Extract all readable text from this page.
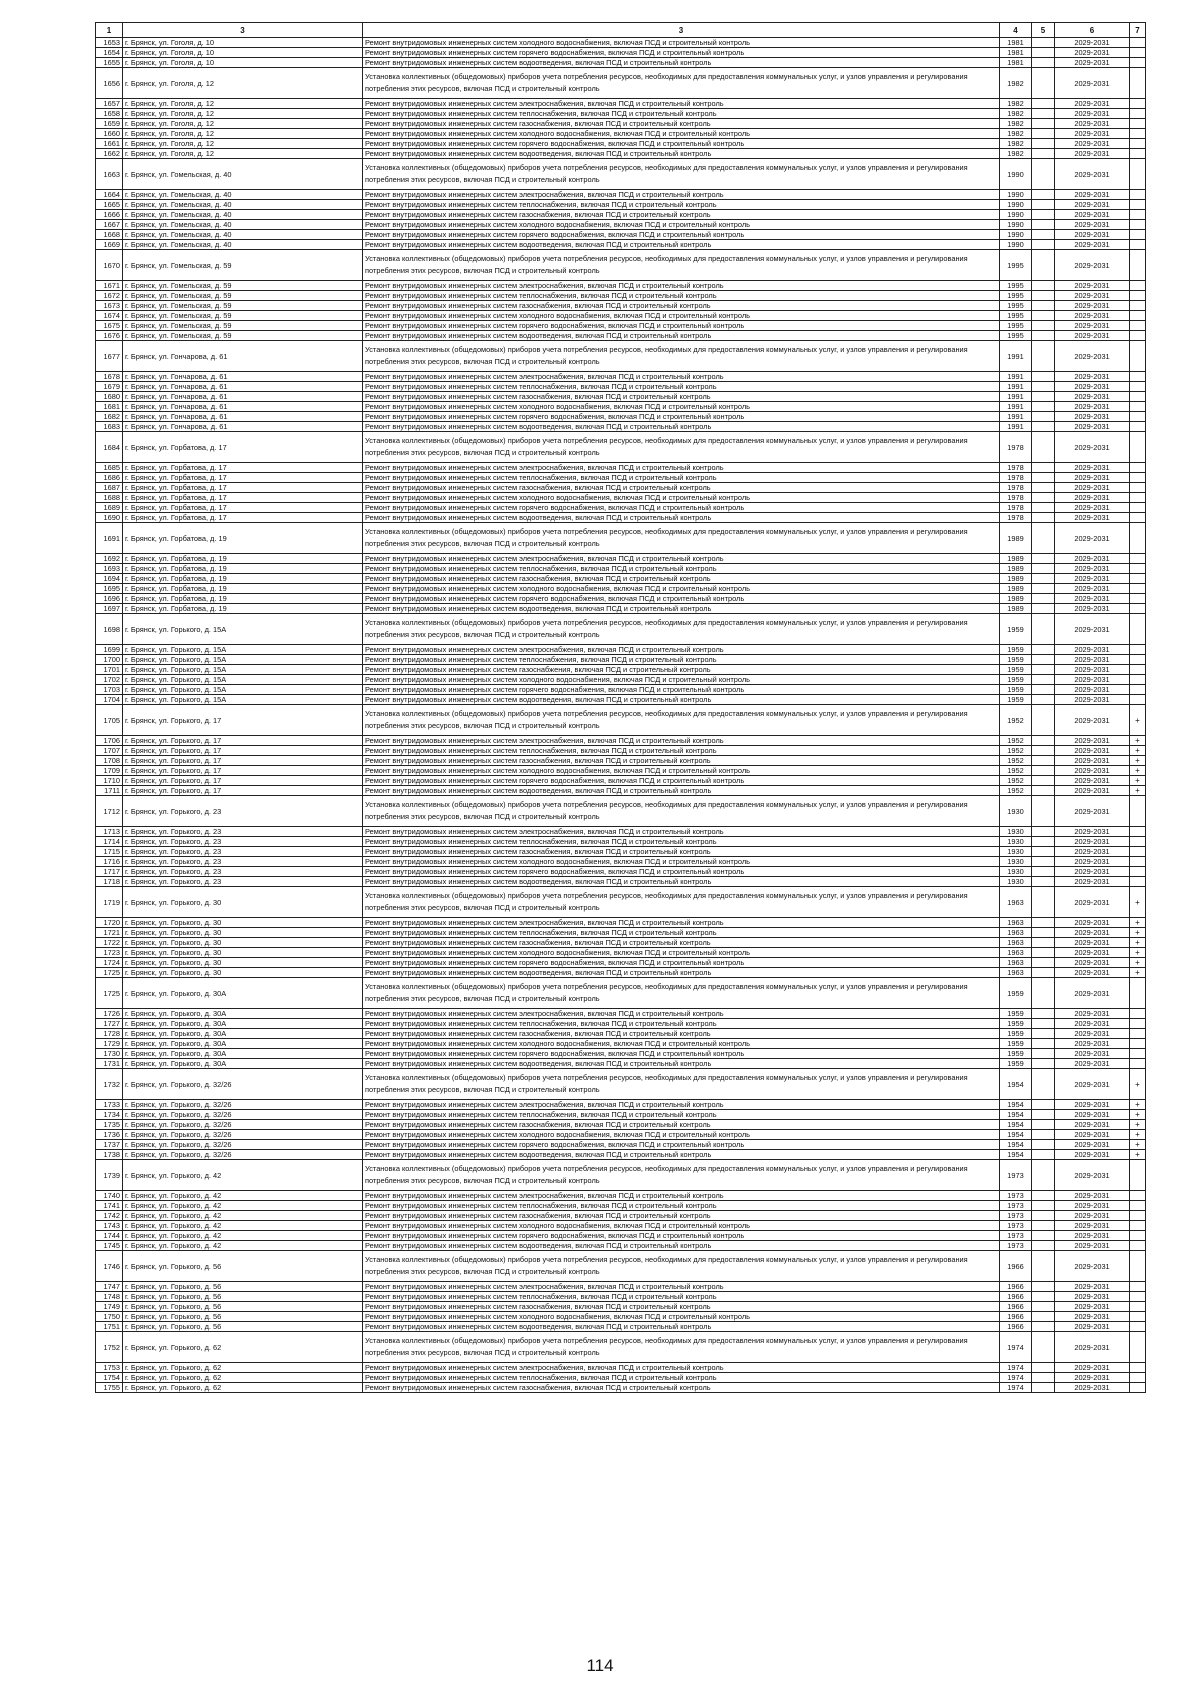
1	3	3	4	5	6	7
1653	г. Брянск, ул. Гоголя, д. 10	Ремонт внутридомовых инженерных систем холодного водоснабжения, включая ПСД и строительный контроль	1981		2029-2031	
1654	г. Брянск, ул. Гоголя, д. 10	Ремонт внутридомовых инженерных систем горячего водоснабжения, включая ПСД и строительный контроль	1981		2029-2031	
1655	г. Брянск, ул. Гоголя, д. 10	Ремонт внутридомовых инженерных систем водоотведения, включая ПСД и строительный контроль	1981		2029-2031	
1656	г. Брянск, ул. Гоголя, д. 12	Установка коллективных (общедомовых) приборов учета потребления ресурсов, необходимых для предоставления коммунальных услуг, и узлов управления и регулирования потребления этих ресурсов, включая ПСД и строительный контроль	1982		2029-2031	
1657	г. Брянск, ул. Гоголя, д. 12	Ремонт внутридомовых инженерных систем электроснабжения, включая ПСД и строительный контроль	1982		2029-2031	
1658	г. Брянск, ул. Гоголя, д. 12	Ремонт внутридомовых инженерных систем теплоснабжения, включая ПСД и строительный контроль	1982		2029-2031	
1659	г. Брянск, ул. Гоголя, д. 12	Ремонт внутридомовых инженерных систем газоснабжения, включая ПСД и строительный контроль	1982		2029-2031	
1660	г. Брянск, ул. Гоголя, д. 12	Ремонт внутридомовых инженерных систем холодного водоснабжения, включая ПСД и строительный контроль	1982		2029-2031	
1661	г. Брянск, ул. Гоголя, д. 12	Ремонт внутридомовых инженерных систем горячего водоснабжения, включая ПСД и строительный контроль	1982		2029-2031	
1662	г. Брянск, ул. Гоголя, д. 12	Ремонт внутридомовых инженерных систем водоотведения, включая ПСД и строительный контроль	1982		2029-2031	
1663	г. Брянск, ул. Гомельская, д. 40	Установка коллективных (общедомовых) приборов учета потребления ресурсов, необходимых для предоставления коммунальных услуг, и узлов управления и регулирования потребления этих ресурсов, включая ПСД и строительный контроль	1990		2029-2031	
1664	г. Брянск, ул. Гомельская, д. 40	Ремонт внутридомовых инженерных систем электроснабжения, включая ПСД и строительный контроль	1990		2029-2031	
1665	г. Брянск, ул. Гомельская, д. 40	Ремонт внутридомовых инженерных систем теплоснабжения, включая ПСД и строительный контроль	1990		2029-2031	
1666	г. Брянск, ул. Гомельская, д. 40	Ремонт внутридомовых инженерных систем газоснабжения, включая ПСД и строительный контроль	1990		2029-2031	
1667	г. Брянск, ул. Гомельская, д. 40	Ремонт внутридомовых инженерных систем холодного водоснабжения, включая ПСД и строительный контроль	1990		2029-2031	
1668	г. Брянск, ул. Гомельская, д. 40	Ремонт внутридомовых инженерных систем горячего водоснабжения, включая ПСД и строительный контроль	1990		2029-2031	
1669	г. Брянск, ул. Гомельская, д. 40	Ремонт внутридомовых инженерных систем водоотведения, включая ПСД и строительный контроль	1990		2029-2031	
1670	г. Брянск, ул. Гомельская, д. 59	Установка коллективных (общедомовых) приборов учета потребления ресурсов, необходимых для предоставления коммунальных услуг, и узлов управления и регулирования потребления этих ресурсов, включая ПСД и строительный контроль	1995		2029-2031	
1671	г. Брянск, ул. Гомельская, д. 59	Ремонт внутридомовых инженерных систем электроснабжения, включая ПСД и строительный контроль	1995		2029-2031	
1672	г. Брянск, ул. Гомельская, д. 59	Ремонт внутридомовых инженерных систем теплоснабжения, включая ПСД и строительный контроль	1995		2029-2031	
1673	г. Брянск, ул. Гомельская, д. 59	Ремонт внутридомовых инженерных систем газоснабжения, включая ПСД и строительный контроль	1995		2029-2031	
1674	г. Брянск, ул. Гомельская, д. 59	Ремонт внутридомовых инженерных систем холодного водоснабжения, включая ПСД и строительный контроль	1995		2029-2031	
1675	г. Брянск, ул. Гомельская, д. 59	Ремонт внутридомовых инженерных систем горячего водоснабжения, включая ПСД и строительный контроль	1995		2029-2031	
1676	г. Брянск, ул. Гомельская, д. 59	Ремонт внутридомовых инженерных систем водоотведения, включая ПСД и строительный контроль	1995		2029-2031	
1677	г. Брянск, ул. Гончарова, д. 61	Установка коллективных (общедомовых) приборов учета потребления ресурсов, необходимых для предоставления коммунальных услуг, и узлов управления и регулирования потребления этих ресурсов, включая ПСД и строительный контроль	1991		2029-2031	
1678	г. Брянск, ул. Гончарова, д. 61	Ремонт внутридомовых инженерных систем электроснабжения, включая ПСД и строительный контроль	1991		2029-2031	
1679	г. Брянск, ул. Гончарова, д. 61	Ремонт внутридомовых инженерных систем теплоснабжения, включая ПСД и строительный контроль	1991		2029-2031	
1680	г. Брянск, ул. Гончарова, д. 61	Ремонт внутридомовых инженерных систем газоснабжения, включая ПСД и строительный контроль	1991		2029-2031	
1681	г. Брянск, ул. Гончарова, д. 61	Ремонт внутридомовых инженерных систем холодного водоснабжения, включая ПСД и строительный контроль	1991		2029-2031	
1682	г. Брянск, ул. Гончарова, д. 61	Ремонт внутридомовых инженерных систем горячего водоснабжения, включая ПСД и строительный контроль	1991		2029-2031	
1683	г. Брянск, ул. Гончарова, д. 61	Ремонт внутридомовых инженерных систем водоотведения, включая ПСД и строительный контроль	1991		2029-2031	
1684	г. Брянск, ул. Горбатова, д. 17	Установка коллективных (общедомовых) приборов учета потребления ресурсов, необходимых для предоставления коммунальных услуг, и узлов управления и регулирования потребления этих ресурсов, включая ПСД и строительный контроль	1978		2029-2031	
1685	г. Брянск, ул. Горбатова, д. 17	Ремонт внутридомовых инженерных систем электроснабжения, включая ПСД и строительный контроль	1978		2029-2031	
1686	г. Брянск, ул. Горбатова, д. 17	Ремонт внутридомовых инженерных систем теплоснабжения, включая ПСД и строительный контроль	1978		2029-2031	
1687	г. Брянск, ул. Горбатова, д. 17	Ремонт внутридомовых инженерных систем газоснабжения, включая ПСД и строительный контроль	1978		2029-2031	
1688	г. Брянск, ул. Горбатова, д. 17	Ремонт внутридомовых инженерных систем холодного водоснабжения, включая ПСД и строительный контроль	1978		2029-2031	
1689	г. Брянск, ул. Горбатова, д. 17	Ремонт внутридомовых инженерных систем горячего водоснабжения, включая ПСД и строительный контроль	1978		2029-2031	
1690	г. Брянск, ул. Горбатова, д. 17	Ремонт внутридомовых инженерных систем водоотведения, включая ПСД и строительный контроль	1978		2029-2031	
1691	г. Брянск, ул. Горбатова, д. 19	Установка коллективных (общедомовых) приборов учета потребления ресурсов, необходимых для предоставления коммунальных услуг, и узлов управления и регулирования потребления этих ресурсов, включая ПСД и строительный контроль	1989		2029-2031	
1692	г. Брянск, ул. Горбатова, д. 19	Ремонт внутридомовых инженерных систем электроснабжения, включая ПСД и строительный контроль	1989		2029-2031	
1693	г. Брянск, ул. Горбатова, д. 19	Ремонт внутридомовых инженерных систем теплоснабжения, включая ПСД и строительный контроль	1989		2029-2031	
1694	г. Брянск, ул. Горбатова, д. 19	Ремонт внутридомовых инженерных систем газоснабжения, включая ПСД и строительный контроль	1989		2029-2031	
1695	г. Брянск, ул. Горбатова, д. 19	Ремонт внутридомовых инженерных систем холодного водоснабжения, включая ПСД и строительный контроль	1989		2029-2031	
1696	г. Брянск, ул. Горбатова, д. 19	Ремонт внутридомовых инженерных систем горячего водоснабжения, включая ПСД и строительный контроль	1989		2029-2031	
1697	г. Брянск, ул. Горбатова, д. 19	Ремонт внутридомовых инженерных систем водоотведения, включая ПСД и строительный контроль	1989		2029-2031	
1698	г. Брянск, ул. Горького, д. 15А	Установка коллективных (общедомовых) приборов учета потребления ресурсов, необходимых для предоставления коммунальных услуг, и узлов управления и регулирования потребления этих ресурсов, включая ПСД и строительный контроль	1959		2029-2031	
1699	г. Брянск, ул. Горького, д. 15А	Ремонт внутридомовых инженерных систем электроснабжения, включая ПСД и строительный контроль	1959		2029-2031	
1700	г. Брянск, ул. Горького, д. 15А	Ремонт внутридомовых инженерных систем теплоснабжения, включая ПСД и строительный контроль	1959		2029-2031	
1701	г. Брянск, ул. Горького, д. 15А	Ремонт внутридомовых инженерных систем газоснабжения, включая ПСД и строительный контроль	1959		2029-2031	
1702	г. Брянск, ул. Горького, д. 15А	Ремонт внутридомовых инженерных систем холодного водоснабжения, включая ПСД и строительный контроль	1959		2029-2031	
1703	г. Брянск, ул. Горького, д. 15А	Ремонт внутридомовых инженерных систем горячего водоснабжения, включая ПСД и строительный контроль	1959		2029-2031	
1704	г. Брянск, ул. Горького, д. 15А	Ремонт внутридомовых инженерных систем водоотведения, включая ПСД и строительный контроль	1959		2029-2031	
1705	г. Брянск, ул. Горького, д. 17	Установка коллективных (общедомовых) приборов учета потребления ресурсов, необходимых для предоставления коммунальных услуг, и узлов управления и регулирования потребления этих ресурсов, включая ПСД и строительный контроль	1952		2029-2031	+
1706	г. Брянск, ул. Горького, д. 17	Ремонт внутридомовых инженерных систем электроснабжения, включая ПСД и строительный контроль	1952		2029-2031	+
1707	г. Брянск, ул. Горького, д. 17	Ремонт внутридомовых инженерных систем теплоснабжения, включая ПСД и строительный контроль	1952		2029-2031	+
1708	г. Брянск, ул. Горького, д. 17	Ремонт внутридомовых инженерных систем газоснабжения, включая ПСД и строительный контроль	1952		2029-2031	+
1709	г. Брянск, ул. Горького, д. 17	Ремонт внутридомовых инженерных систем холодного водоснабжения, включая ПСД и строительный контроль	1952		2029-2031	+
1710	г. Брянск, ул. Горького, д. 17	Ремонт внутридомовых инженерных систем горячего водоснабжения, включая ПСД и строительный контроль	1952		2029-2031	+
1711	г. Брянск, ул. Горького, д. 17	Ремонт внутридомовых инженерных систем водоотведения, включая ПСД и строительный контроль	1952		2029-2031	+
1712	г. Брянск, ул. Горького, д. 23	Установка коллективных (общедомовых) приборов учета потребления ресурсов, необходимых для предоставления коммунальных услуг, и узлов управления и регулирования потребления этих ресурсов, включая ПСД и строительный контроль	1930		2029-2031	
1713	г. Брянск, ул. Горького, д. 23	Ремонт внутридомовых инженерных систем электроснабжения, включая ПСД и строительный контроль	1930		2029-2031	
1714	г. Брянск, ул. Горького, д. 23	Ремонт внутридомовых инженерных систем теплоснабжения, включая ПСД и строительный контроль	1930		2029-2031	
1715	г. Брянск, ул. Горького, д. 23	Ремонт внутридомовых инженерных систем газоснабжения, включая ПСД и строительный контроль	1930		2029-2031	
1716	г. Брянск, ул. Горького, д. 23	Ремонт внутридомовых инженерных систем холодного водоснабжения, включая ПСД и строительный контроль	1930		2029-2031	
1717	г. Брянск, ул. Горького, д. 23	Ремонт внутридомовых инженерных систем горячего водоснабжения, включая ПСД и строительный контроль	1930		2029-2031	
1718	г. Брянск, ул. Горького, д. 23	Ремонт внутридомовых инженерных систем водоотведения, включая ПСД и строительный контроль	1930		2029-2031	
1719	г. Брянск, ул. Горького, д. 30	Установка коллективных (общедомовых) приборов учета потребления ресурсов, необходимых для предоставления коммунальных услуг, и узлов управления и регулирования потребления этих ресурсов, включая ПСД и строительный контроль	1963		2029-2031	+
1720	г. Брянск, ул. Горького, д. 30	Ремонт внутридомовых инженерных систем электроснабжения, включая ПСД и строительный контроль	1963		2029-2031	+
1721	г. Брянск, ул. Горького, д. 30	Ремонт внутридомовых инженерных систем теплоснабжения, включая ПСД и строительный контроль	1963		2029-2031	+
1722	г. Брянск, ул. Горького, д. 30	Ремонт внутридомовых инженерных систем газоснабжения, включая ПСД и строительный контроль	1963		2029-2031	+
1723	г. Брянск, ул. Горького, д. 30	Ремонт внутридомовых инженерных систем холодного водоснабжения, включая ПСД и строительный контроль	1963		2029-2031	+
1724	г. Брянск, ул. Горького, д. 30	Ремонт внутридомовых инженерных систем горячего водоснабжения, включая ПСД и строительный контроль	1963		2029-2031	+
1725	г. Брянск, ул. Горького, д. 30	Ремонт внутридомовых инженерных систем водоотведения, включая ПСД и строительный контроль	1963		2029-2031	+
1725	г. Брянск, ул. Горького, д. 30А	Установка коллективных (общедомовых) приборов учета потребления ресурсов, необходимых для предоставления коммунальных услуг, и узлов управления и регулирования потребления этих ресурсов, включая ПСД и строительный контроль	1959		2029-2031	
1726	г. Брянск, ул. Горького, д. 30А	Ремонт внутридомовых инженерных систем электроснабжения, включая ПСД и строительный контроль	1959		2029-2031	
1727	г. Брянск, ул. Горького, д. 30А	Ремонт внутридомовых инженерных систем теплоснабжения, включая ПСД и строительный контроль	1959		2029-2031	
1728	г. Брянск, ул. Горького, д. 30А	Ремонт внутридомовых инженерных систем газоснабжения, включая ПСД и строительный контроль	1959		2029-2031	
1729	г. Брянск, ул. Горького, д. 30А	Ремонт внутридомовых инженерных систем холодного водоснабжения, включая ПСД и строительный контроль	1959		2029-2031	
1730	г. Брянск, ул. Горького, д. 30А	Ремонт внутридомовых инженерных систем горячего водоснабжения, включая ПСД и строительный контроль	1959		2029-2031	
1731	г. Брянск, ул. Горького, д. 30А	Ремонт внутридомовых инженерных систем водоотведения, включая ПСД и строительный контроль	1959		2029-2031	
1732	г. Брянск, ул. Горького, д. 32/26	Установка коллективных (общедомовых) приборов учета потребления ресурсов, необходимых для предоставления коммунальных услуг, и узлов управления и регулирования потребления этих ресурсов, включая ПСД и строительный контроль	1954		2029-2031	+
1733	г. Брянск, ул. Горького, д. 32/26	Ремонт внутридомовых инженерных систем электроснабжения, включая ПСД и строительный контроль	1954		2029-2031	+
1734	г. Брянск, ул. Горького, д. 32/26	Ремонт внутридомовых инженерных систем теплоснабжения, включая ПСД и строительный контроль	1954		2029-2031	+
1735	г. Брянск, ул. Горького, д. 32/26	Ремонт внутридомовых инженерных систем газоснабжения, включая ПСД и строительный контроль	1954		2029-2031	+
1736	г. Брянск, ул. Горького, д. 32/26	Ремонт внутридомовых инженерных систем холодного водоснабжения, включая ПСД и строительный контроль	1954		2029-2031	+
1737	г. Брянск, ул. Горького, д. 32/26	Ремонт внутридомовых инженерных систем горячего водоснабжения, включая ПСД и строительный контроль	1954		2029-2031	+
1738	г. Брянск, ул. Горького, д. 32/26	Ремонт внутридомовых инженерных систем водоотведения, включая ПСД и строительный контроль	1954		2029-2031	+
1739	г. Брянск, ул. Горького, д. 42	Установка коллективных (общедомовых) приборов учета потребления ресурсов, необходимых для предоставления коммунальных услуг, и узлов управления и регулирования потребления этих ресурсов, включая ПСД и строительный контроль	1973		2029-2031	
1740	г. Брянск, ул. Горького, д. 42	Ремонт внутридомовых инженерных систем электроснабжения, включая ПСД и строительный контроль	1973		2029-2031	
1741	г. Брянск, ул. Горького, д. 42	Ремонт внутридомовых инженерных систем теплоснабжения, включая ПСД и строительный контроль	1973		2029-2031	
1742	г. Брянск, ул. Горького, д. 42	Ремонт внутридомовых инженерных систем газоснабжения, включая ПСД и строительный контроль	1973		2029-2031	
1743	г. Брянск, ул. Горького, д. 42	Ремонт внутридомовых инженерных систем холодного водоснабжения, включая ПСД и строительный контроль	1973		2029-2031	
1744	г. Брянск, ул. Горького, д. 42	Ремонт внутридомовых инженерных систем горячего водоснабжения, включая ПСД и строительный контроль	1973		2029-2031	
1745	г. Брянск, ул. Горького, д. 42	Ремонт внутридомовых инженерных систем водоотведения, включая ПСД и строительный контроль	1973		2029-2031	
1746	г. Брянск, ул. Горького, д. 56	Установка коллективных (общедомовых) приборов учета потребления ресурсов, необходимых для предоставления коммунальных услуг, и узлов управления и регулирования потребления этих ресурсов, включая ПСД и строительный контроль	1966		2029-2031	
1747	г. Брянск, ул. Горького, д. 56	Ремонт внутридомовых инженерных систем электроснабжения, включая ПСД и строительный контроль	1966		2029-2031	
1748	г. Брянск, ул. Горького, д. 56	Ремонт внутридомовых инженерных систем теплоснабжения, включая ПСД и строительный контроль	1966		2029-2031	
1749	г. Брянск, ул. Горького, д. 56	Ремонт внутридомовых инженерных систем газоснабжения, включая ПСД и строительный контроль	1966		2029-2031	
1750	г. Брянск, ул. Горького, д. 56	Ремонт внутридомовых инженерных систем холодного водоснабжения, включая ПСД и строительный контроль	1966		2029-2031	
1751	г. Брянск, ул. Горького, д. 56	Ремонт внутридомовых инженерных систем водоотведения, включая ПСД и строительный контроль	1966		2029-2031	
1752	г. Брянск, ул. Горького, д. 62	Установка коллективных (общедомовых) приборов учета потребления ресурсов, необходимых для предоставления коммунальных услуг, и узлов управления и регулирования потребления этих ресурсов, включая ПСД и строительный контроль	1974		2029-2031	
1753	г. Брянск, ул. Горького, д. 62	Ремонт внутридомовых инженерных систем электроснабжения, включая ПСД и строительный контроль	1974		2029-2031	
1754	г. Брянск, ул. Горького, д. 62	Ремонт внутридомовых инженерных систем теплоснабжения, включая ПСД и строительный контроль	1974		2029-2031	
1755	г. Брянск, ул. Горького, д. 62	Ремонт внутридомовых инженерных систем газоснабжения, включая ПСД и строительный контроль	1974		2029-2031	
114
